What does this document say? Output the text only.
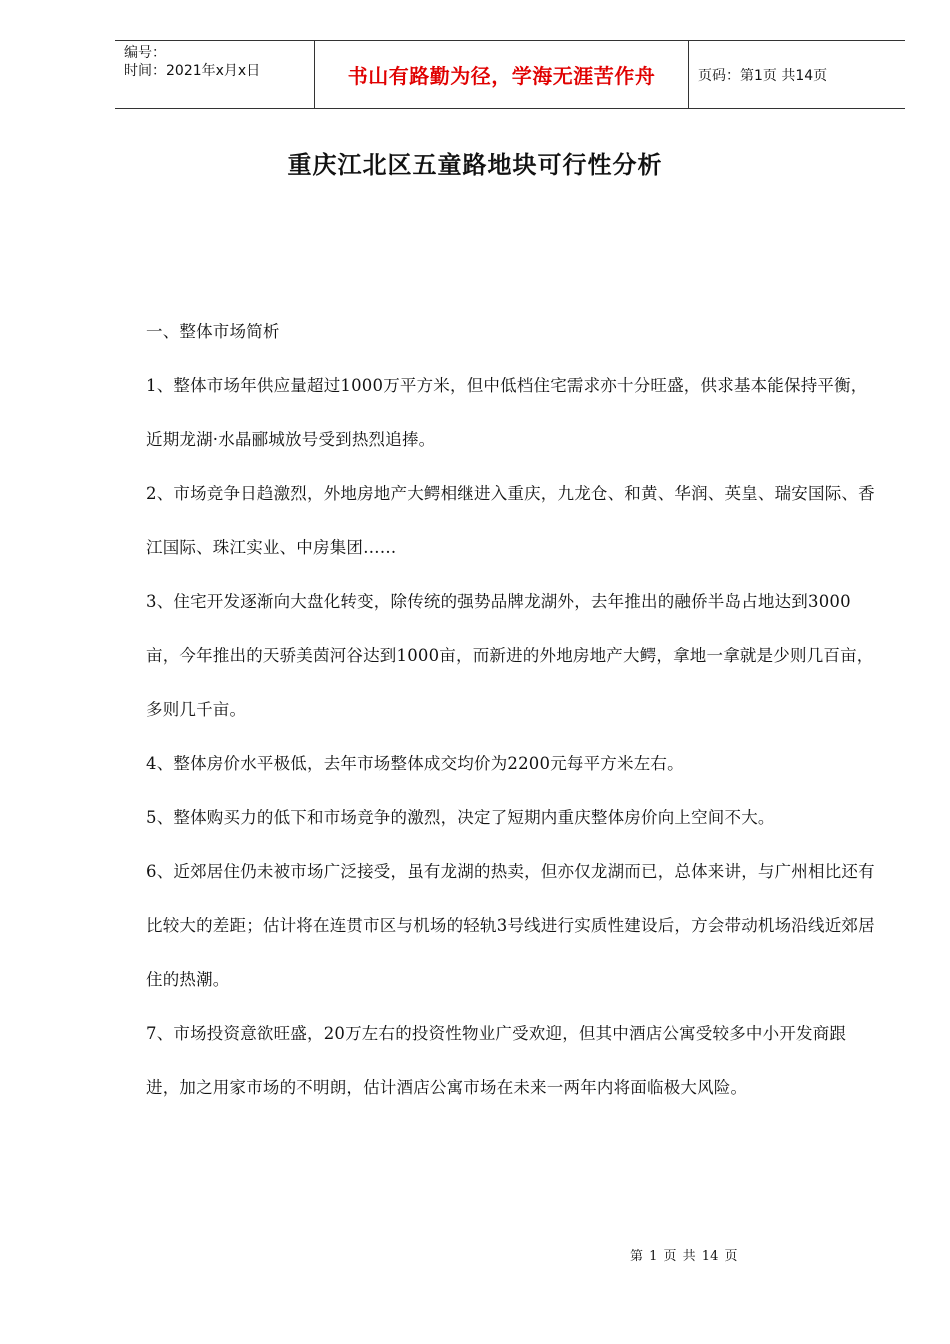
编号：
时间：2021年x月x日	书山有路勤为径，学海无涯苦作舟	页码：第1页 共14页
重庆江北区五童路地块可行性分析

一、整体市场简析

1、整体市场年供应量超过1000万平方米，但中低档住宅需求亦十分旺盛，供求基本能保持平衡，近期龙湖·水晶郦城放号受到热烈追捧。

2、市场竞争日趋激烈，外地房地产大鳄相继进入重庆，九龙仓、和黄、华润、英皇、瑞安国际、香江国际、珠江实业、中房集团……

3、住宅开发逐渐向大盘化转变，除传统的强势品牌龙湖外，去年推出的融侨半岛占地达到3000亩，今年推出的天骄美茵河谷达到1000亩，而新进的外地房地产大鳄，拿地一拿就是少则几百亩，多则几千亩。

4、整体房价水平极低，去年市场整体成交均价为2200元每平方米左右。

5、整体购买力的低下和市场竞争的激烈，决定了短期内重庆整体房价向上空间不大。

6、近郊居住仍未被市场广泛接受，虽有龙湖的热卖，但亦仅龙湖而已，总体来讲，与广州相比还有比较大的差距；估计将在连贯市区与机场的轻轨3号线进行实质性建设后，方会带动机场沿线近郊居住的热潮。

7、市场投资意欲旺盛，20万左右的投资性物业广受欢迎，但其中酒店公寓受较多中小开发商跟进，加之用家市场的不明朗，估计酒店公寓市场在未来一两年内将面临极大风险。

第 1 页 共 14 页
